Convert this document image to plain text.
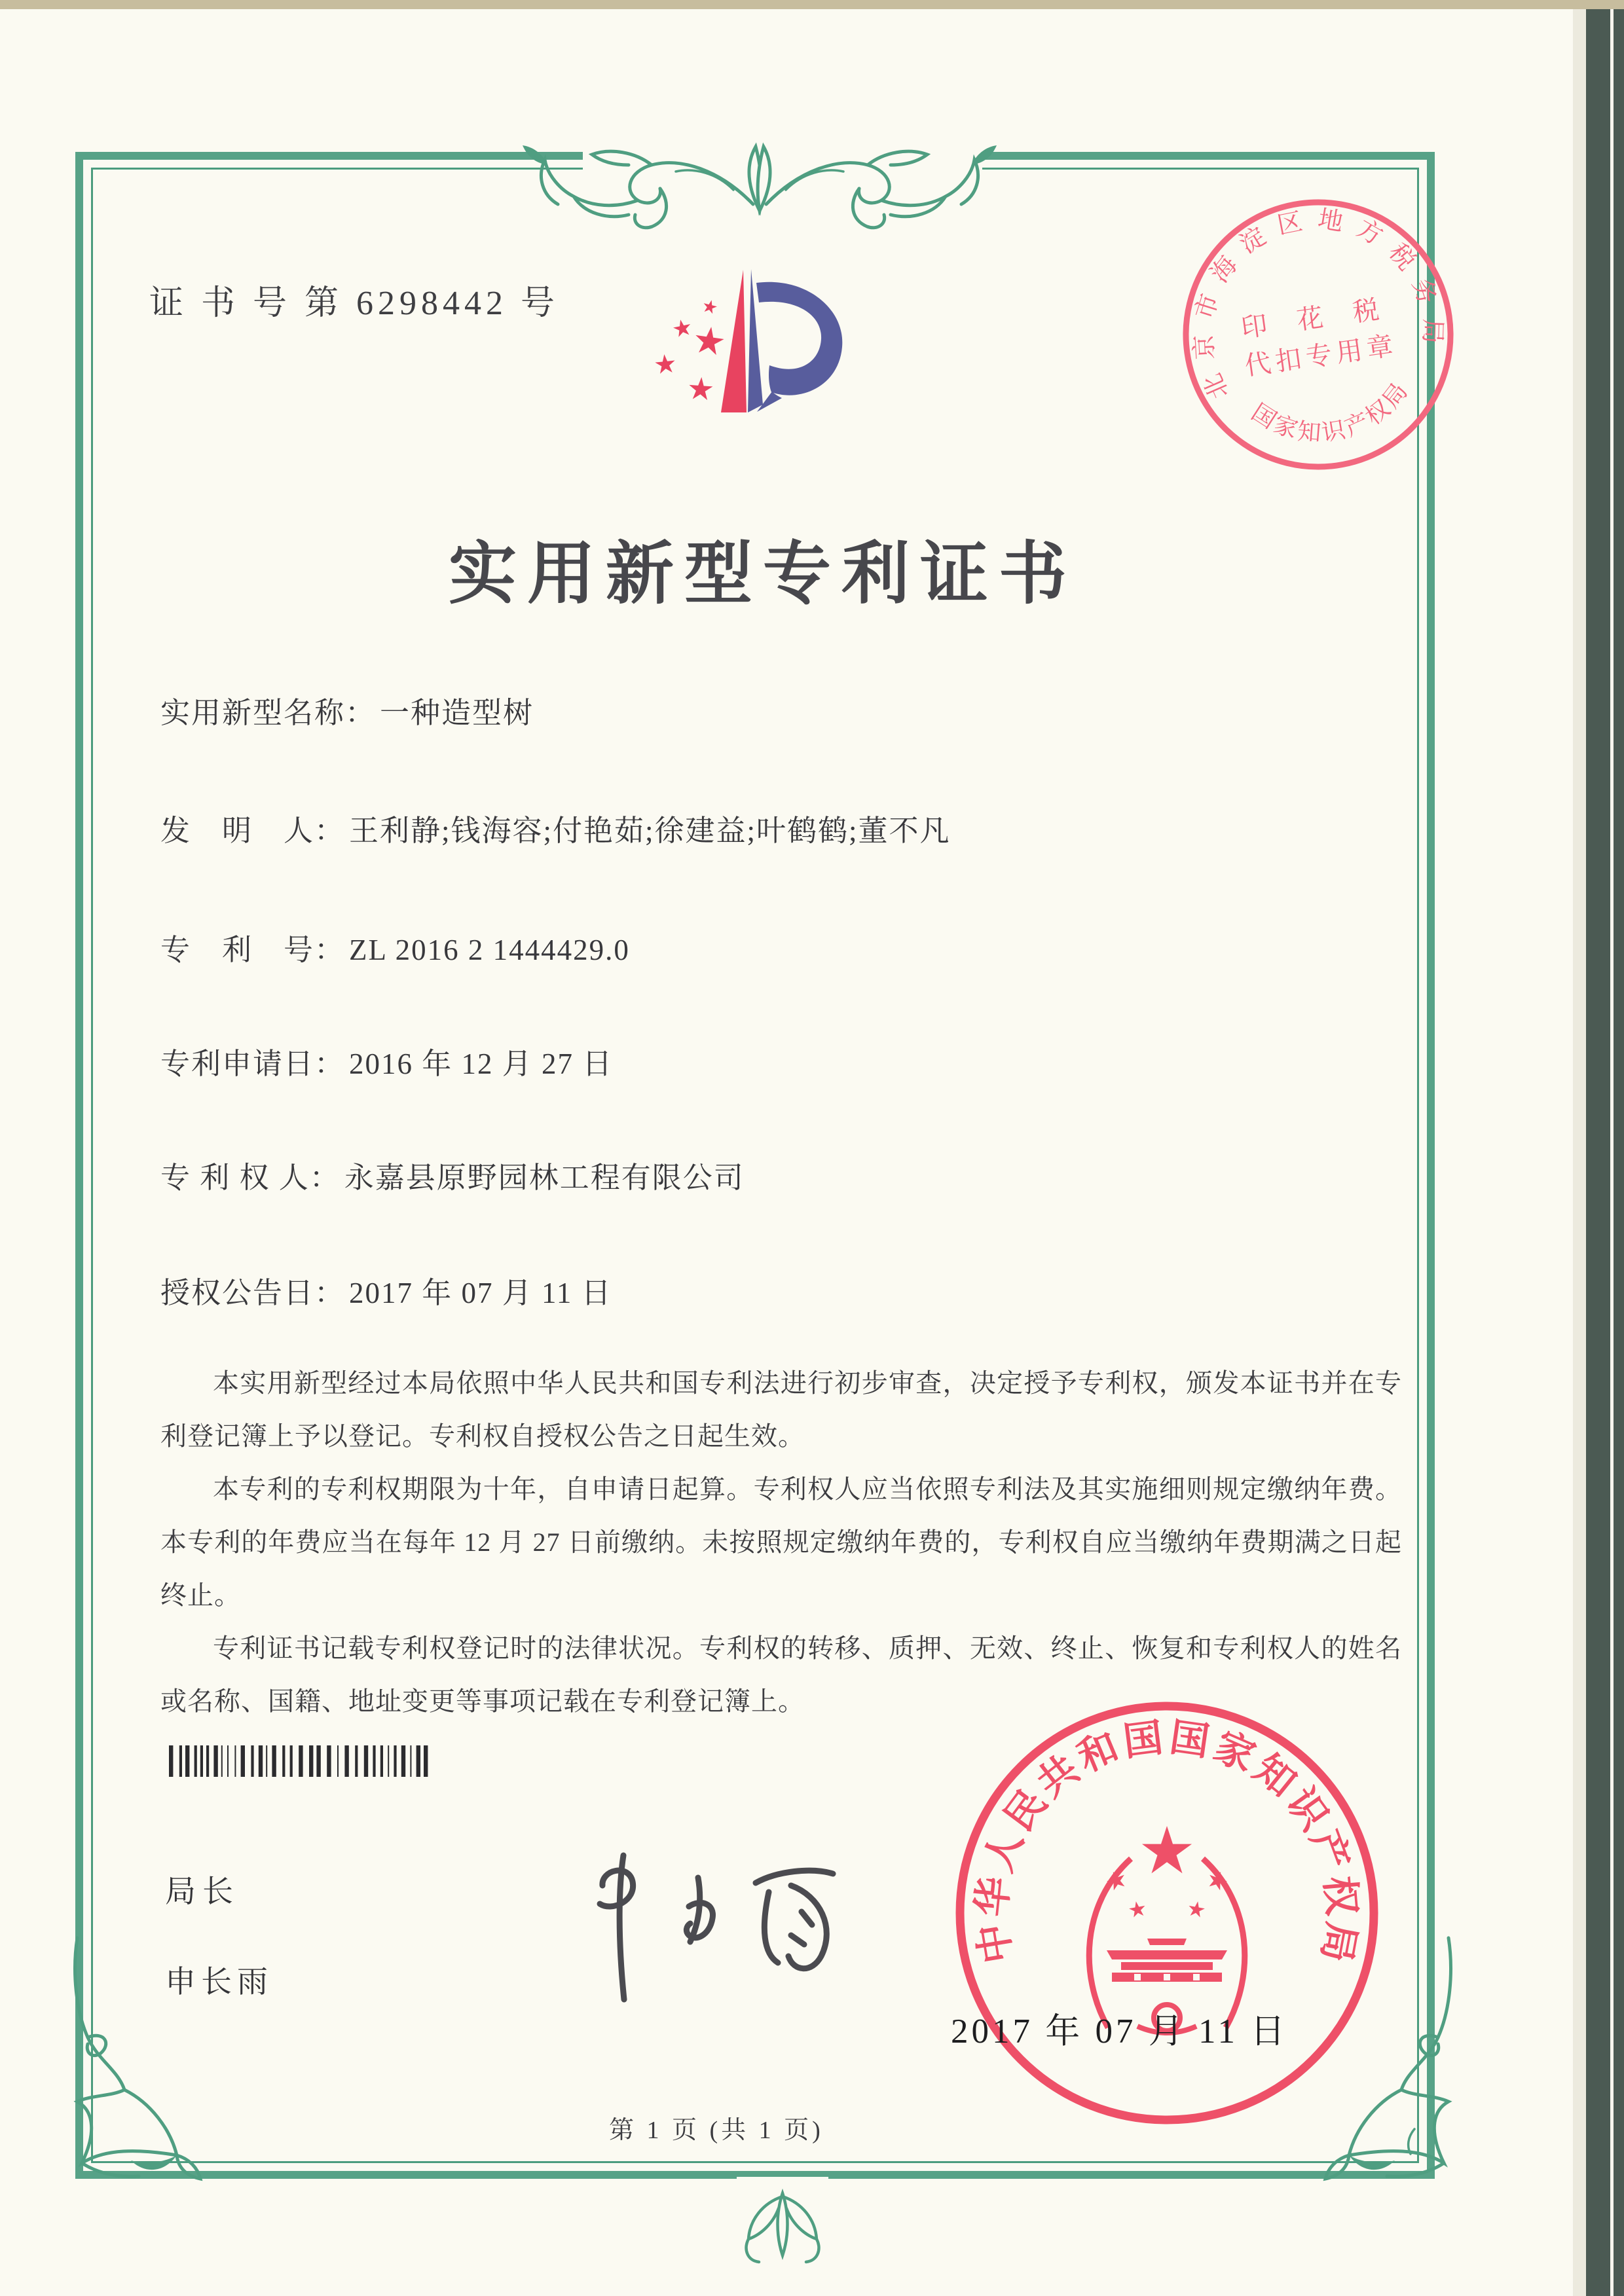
证 书 号 第 6298442 号
北京市海淀区地方税务局
国家知识产权局
印 花 税
代扣专用章
实用新型专利证书
实用新型名称： 一种造型树
发　明　人： 王利静;钱海容;付艳茹;徐建益;叶鹤鹤;董不凡
专　利　号： ZL 2016 2 1444429.0
专利申请日： 2016 年 12 月 27 日
专 利 权 人： 永嘉县原野园林工程有限公司
授权公告日： 2017 年 07 月 11 日

本实用新型经过本局依照中华人民共和国专利法进行初步审查，决定授予专利权，颁发本证书并在专利登记簿上予以登记。专利权自授权公告之日起生效。

本专利的专利权期限为十年，自申请日起算。专利权人应当依照专利法及其实施细则规定缴纳年费。本专利的年费应当在每年 12 月 27 日前缴纳。未按照规定缴纳年费的，专利权自应当缴纳年费期满之日起终止。

专利证书记载专利权登记时的法律状况。专利权的转移、质押、无效、终止、恢复和专利权人的姓名或名称、国籍、地址变更等事项记载在专利登记簿上。

局长
申长雨
中华人民共和国国家知识产权局
2017 年 07 月 11 日
第 1 页 (共 1 页)
